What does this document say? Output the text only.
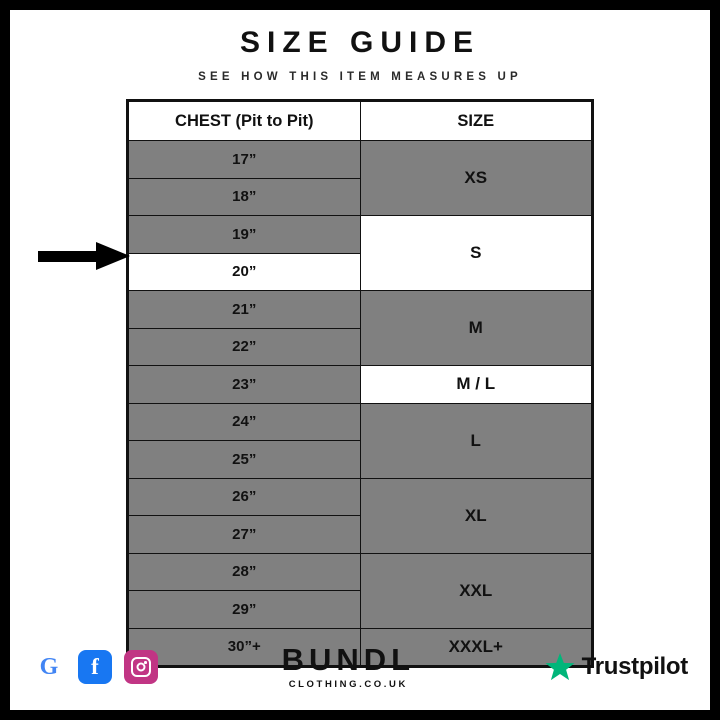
SIZE GUIDE
SEE HOW THIS ITEM MEASURES UP
CHEST (Pit to Pit)	SIZE
17”	XS
18”	
19”	S
20”	
21”	M
22”	
23”	M / L
24”	L
25”	
26”	XL
27”	
28”	XXL
29”	
30”+	XXXL+
G	f	BUNDL
CLOTHING.CO.UK
Trustpilot
